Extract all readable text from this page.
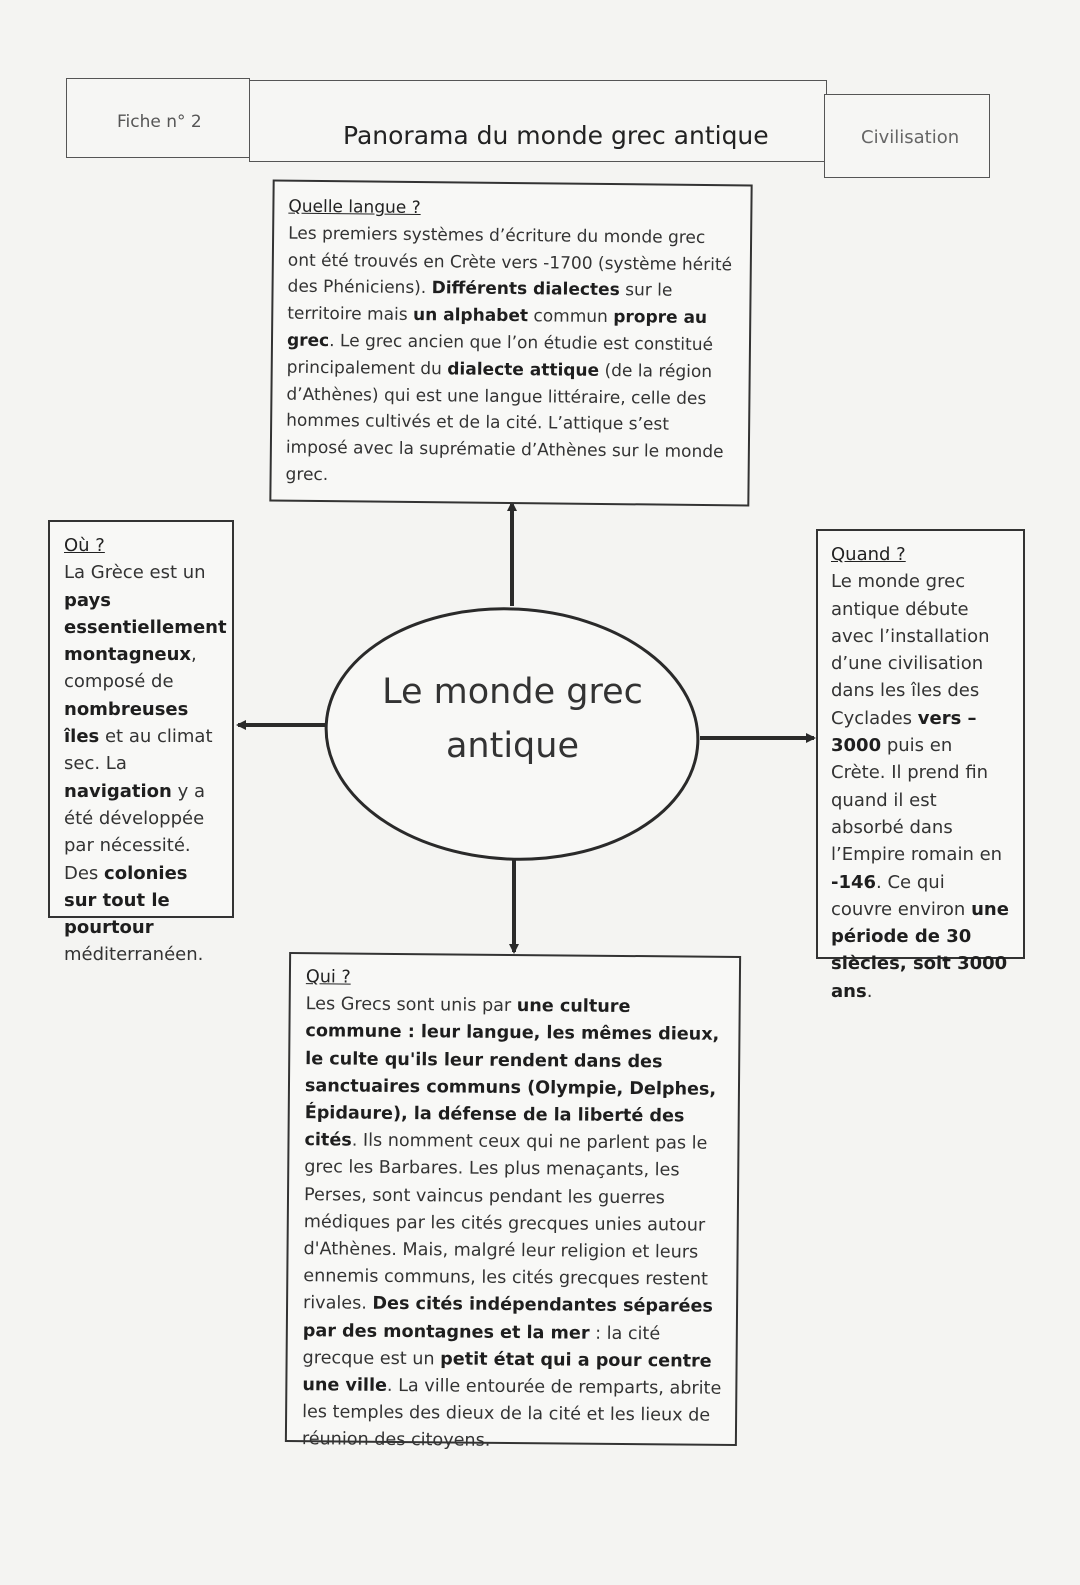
Fiche n° 2	Panorama du monde grec antique	Civilisation
Le monde grec
antique
Quelle langue ?
Les premiers systèmes d’écriture du monde grec ont été trouvés en Crète vers -1700 (système hérité des Phéniciens). Différents dialectes sur le territoire mais un alphabet commun propre au grec. Le grec ancien que l’on étudie est constitué principalement du dialecte attique (de la région d’Athènes) qui est une langue littéraire, celle des hommes cultivés et de la cité. L’attique s’est imposé avec la suprématie d’Athènes sur le monde grec.
Où ?
La Grèce est un pays essentiellement montagneux, composé de nombreuses îles et au climat sec. La navigation y a été développée par nécessité. Des colonies sur tout le pourtour méditerranéen.
Quand ?
Le monde grec antique débute avec l’installation d’une civilisation dans les îles des Cyclades vers – 3000 puis en Crète. Il prend fin quand il est absorbé dans l’Empire romain en -146. Ce qui couvre environ une période de 30 siècles, soit 3000 ans.
Qui ?
Les Grecs sont unis par une culture commune : leur langue, les mêmes dieux, le culte qu'ils leur rendent dans des sanctuaires communs (Olympie, Delphes, Épidaure), la défense de la liberté des cités. Ils nomment ceux qui ne parlent pas le grec les Barbares. Les plus menaçants, les Perses, sont vaincus pendant les guerres médiques par les cités grecques unies autour d'Athènes. Mais, malgré leur religion et leurs ennemis communs, les cités grecques restent rivales. Des cités indépendantes séparées par des montagnes et la mer : la cité grecque est un petit état qui a pour centre une ville. La ville entourée de remparts, abrite les temples des dieux de la cité et les lieux de réunion des citoyens.
